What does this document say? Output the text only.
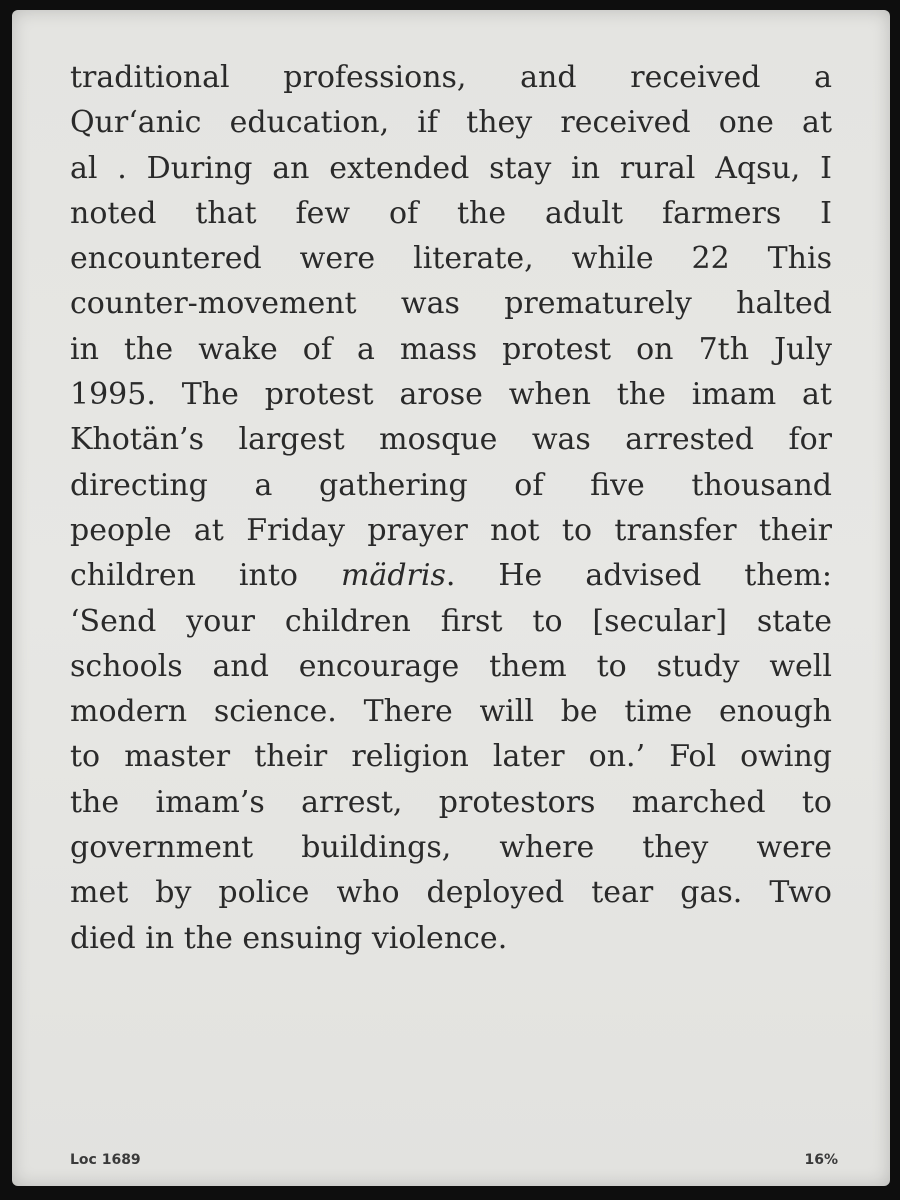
traditional professions, and received a
Qur‘anic education, if they received one at
al . During an extended stay in rural Aqsu, I
noted that few of the adult farmers I
encountered were literate, while 22 This
counter-movement was prematurely halted
in the wake of a mass protest on 7th July
1995. The protest arose when the imam at
Khotän’s largest mosque was arrested for
directing a gathering of five thousand
people at Friday prayer not to transfer their
children into mädris. He advised them:
‘Send your children first to [secular] state
schools and encourage them to study well
modern science. There will be time enough
to master their religion later on.’ Fol owing
the imam’s arrest, protestors marched to
government buildings, where they were
met by police who deployed tear gas. Two
died in the ensuing violence.
Loc 1689	16%
